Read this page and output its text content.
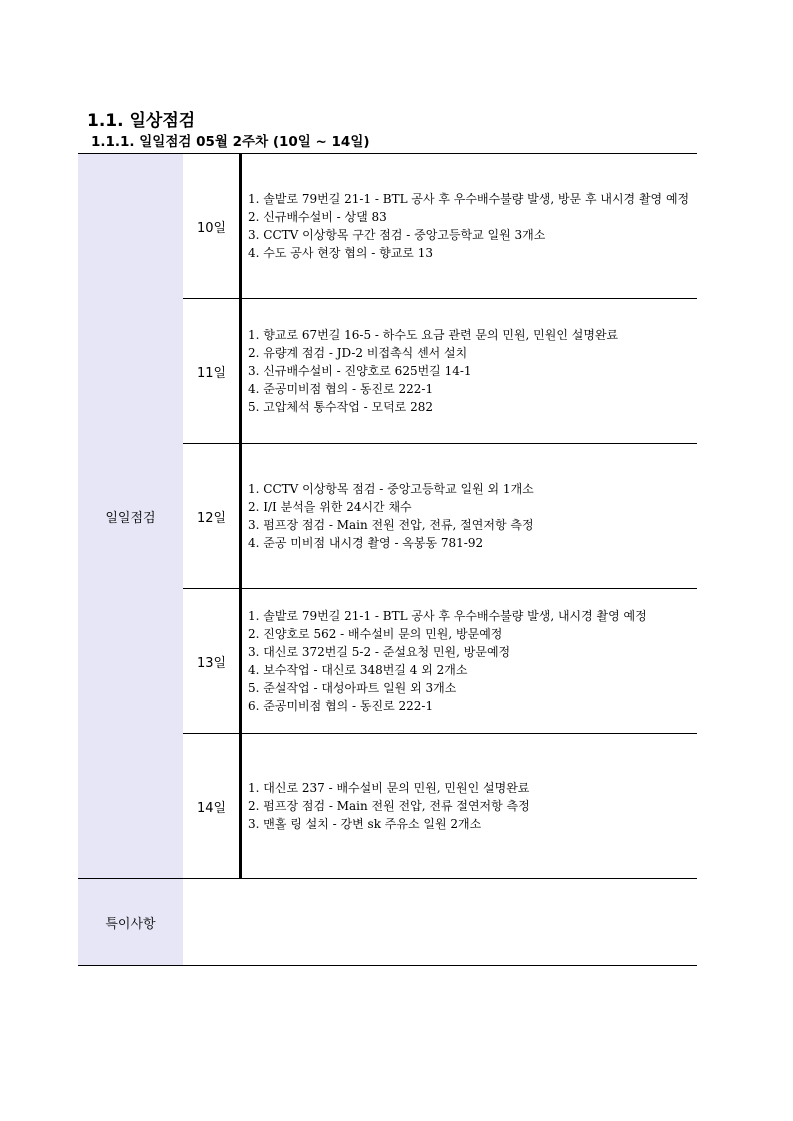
1.1. 일상점검
1.1.1. 일일점검 05월 2주차 (10일 ~ 14일)
일일점검
특이사항
10일
1. 솔밭로 79번길 21-1 - BTL 공사 후 우수배수불량 발생, 방문 후 내시경 촬영 예정
2. 신규배수설비 - 상댈 83
3. CCTV 이상항목 구간 점검 - 중앙고등학교 일원 3개소
4. 수도 공사 현장 협의 - 향교로 13
11일
1. 향교로 67번길 16-5 - 하수도 요금 관련 문의 민원, 민원인 설명완료
2. 유량계 점검 - JD-2 비접촉식 센서 설치
3. 신규배수설비 - 진양호로 625번길 14-1
4. 준공미비점 협의 - 동진로 222-1
5. 고압체석 통수작업 - 모덕로 282
12일
1. CCTV 이상항목 점검 - 중앙고등학교 일원 외 1개소
2. I/I 분석을 위한 24시간 채수
3. 펌프장 점검 - Main 전원 전압, 전류, 절연저항 측정
4. 준공 미비점 내시경 촬영 - 옥봉동 781-92
13일
1. 솔밭로 79번길 21-1 - BTL 공사 후 우수배수불량 발생, 내시경 촬영 예정
2. 진양호로 562 - 배수설비 문의 민원, 방문예정
3. 대신로 372번길 5-2 - 준설요청 민원, 방문예정
4. 보수작업 - 대신로 348번길 4 외 2개소
5. 준설작업 - 대성아파트 일원 외 3개소
6. 준공미비점 협의 - 동진로 222-1
14일
1. 대신로 237 - 배수설비 문의 민원, 민원인 설명완료
2. 펌프장 점검 - Main 전원 전압, 전류 절연저항 측정
3. 맨홀 링 설치 - 강변 sk 주유소 일원 2개소
